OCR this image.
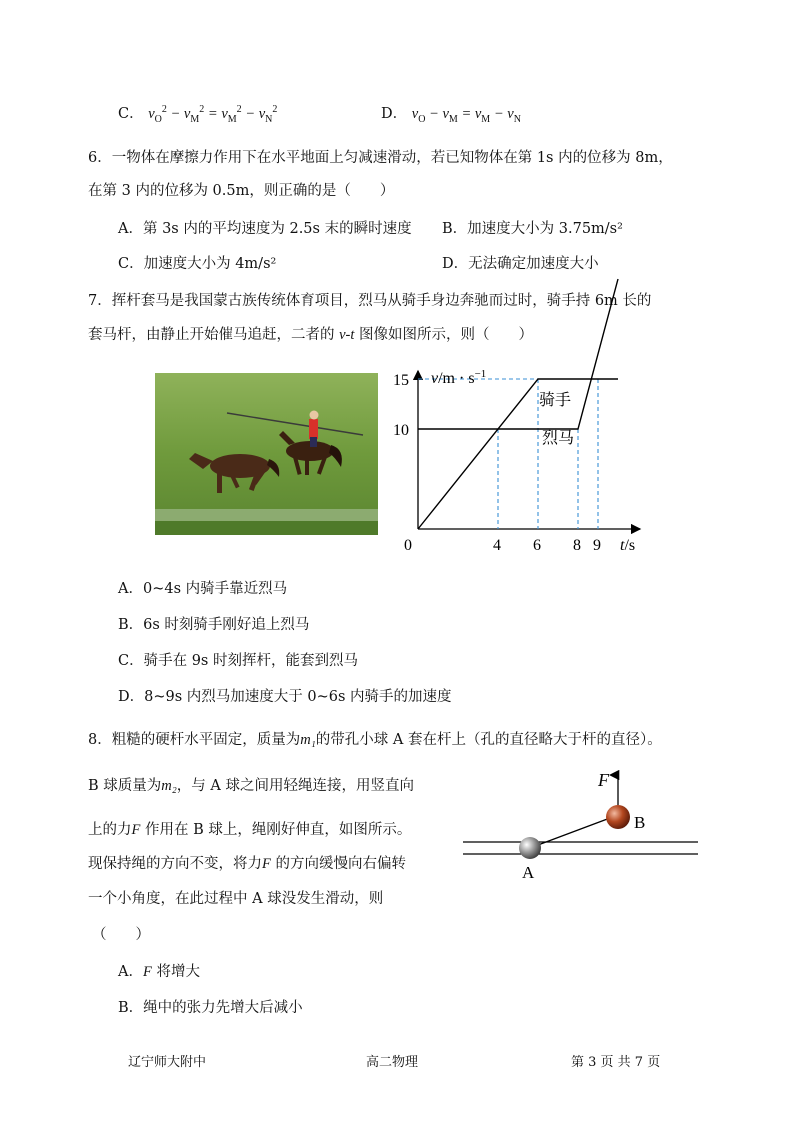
C． $v_O^2 - v_M^2 = v_M^2 - v_N^2$	D． $v_O - v_M = v_M - v_N$
6．一物体在摩擦力作用下在水平地面上匀减速滑动，若已知物体在第 1s 内的位移为 8m，
在第 3 内的位移为 0.5m，则正确的是（　　）
A．第 3s 内的平均速度为 2.5s 末的瞬时速度 B．加速度大小为 3.75m/s²
C．加速度大小为 4m/s²	D．无法确定加速度大小
7．挥杆套马是我国蒙古族传统体育项目，烈马从骑手身边奔驰而过时，骑手持 6m 长的
套马杆，由静止开始催马追赶，二者的 v-t 图像如图所示，则（　　）
0	4 6 8 9
10
15 $v/m \cdot s^{-1}$
t/s
骑手
烈马
A．0~4s 内骑手靠近烈马
B．6s 时刻骑手刚好追上烈马
C．骑手在 9s 时刻挥杆，能套到烈马
D．8~9s 内烈马加速度大于 0~6s 内骑手的加速度
8．粗糙的硬杆水平固定，质量为m₁的带孔小球 A 套在杆上（孔的直径略大于杆的直径）。
B 球质量为m₂，与 A 球之间用轻绳连接，用竖直向
上的力F 作用在 B 球上，绳刚好伸直，如图所示。
现保持绳的方向不变，将力F 的方向缓慢向右偏转
一个小角度，在此过程中 A 球没发生滑动，则
（　　）
F
A
B
A．F 将增大
B．绳中的张力先增大后减小
辽宁师大附中	高二物理	第 3 页 共 7 页
